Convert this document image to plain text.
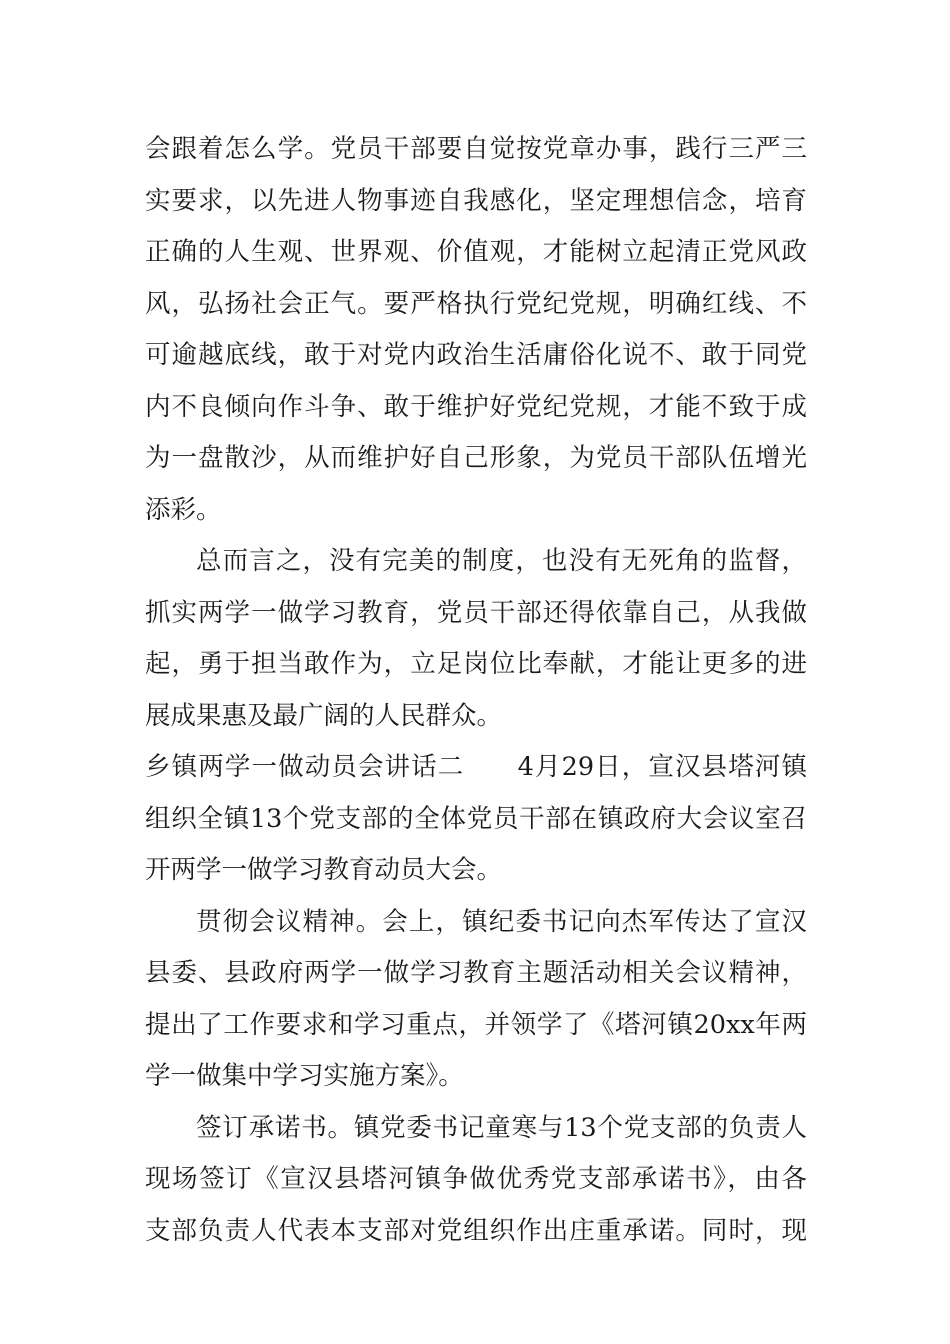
会跟着怎么学。党员干部要自觉按党章办事，践行三严三
实要求，以先进人物事迹自我感化，坚定理想信念，培育
正确的人生观、世界观、价值观，才能树立起清正党风政
风，弘扬社会正气。要严格执行党纪党规，明确红线、不
可逾越底线，敢于对党内政治生活庸俗化说不、敢于同党
内不良倾向作斗争、敢于维护好党纪党规，才能不致于成
为一盘散沙，从而维护好自己形象，为党员干部队伍增光
添彩。
总而言之，没有完美的制度，也没有无死角的监督，
抓实两学一做学习教育，党员干部还得依靠自己，从我做
起，勇于担当敢作为，立足岗位比奉献，才能让更多的进
展成果惠及最广阔的人民群众。
乡镇两学一做动员会讲话二　　4月29日，宣汉县塔河镇
组织全镇13个党支部的全体党员干部在镇政府大会议室召
开两学一做学习教育动员大会。
贯彻会议精神。会上，镇纪委书记向杰军传达了宣汉
县委、县政府两学一做学习教育主题活动相关会议精神，
提出了工作要求和学习重点，并领学了《塔河镇20xx年两
学一做集中学习实施方案》。
签订承诺书。镇党委书记童寒与13个党支部的负责人
现场签订《宣汉县塔河镇争做优秀党支部承诺书》，由各
支部负责人代表本支部对党组织作出庄重承诺。同时，现
